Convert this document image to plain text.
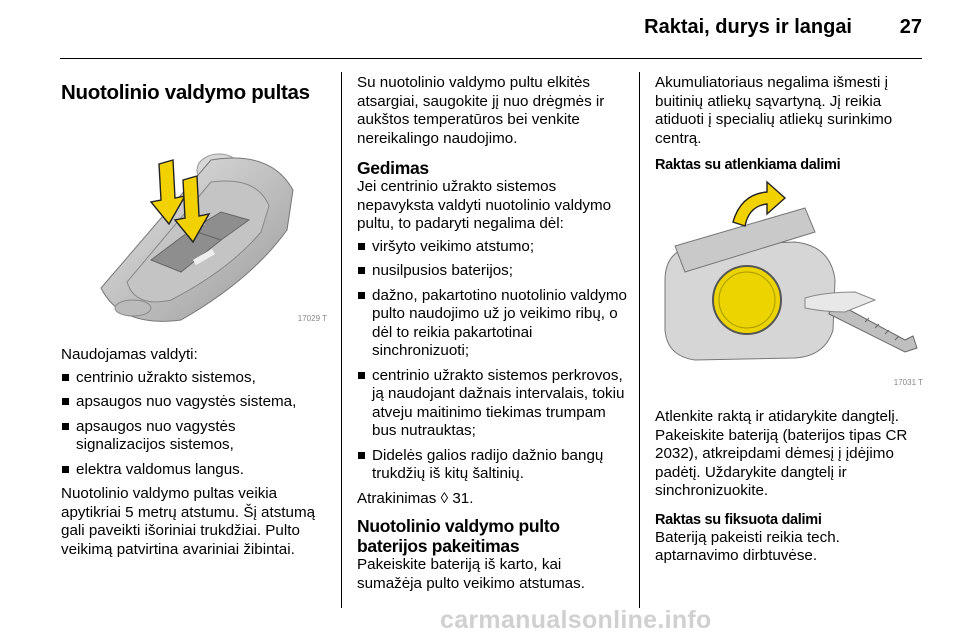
Raktai, durys ir langai 27
Nuotolinio valdymo pultas
17029 T

Naudojamas valdyti:

centrinio užrakto sistemos,
apsaugos nuo vagystės sistema,
apsaugos nuo vagystės signalizacijos sistemos,
elektra valdomus langus.

Nuotolinio valdymo pultas veikia apytikriai 5 metrų atstumu. Šį atstumą gali paveikti išoriniai trukdžiai. Pulto veikimą patvirtina avariniai žibintai.

Su nuotolinio valdymo pultu elkitės atsargiai, saugokite jį nuo drėgmės ir aukštos temperatūros bei venkite nereikalingo naudojimo.

Gedimas

Jei centrinio užrakto sistemos nepavyksta valdyti nuotolinio valdymo pultu, to padaryti negalima dėl:

viršyto veikimo atstumo;
nusilpusios baterijos;
dažno, pakartotino nuotolinio valdymo pulto naudojimo už jo veikimo ribų, o dėl to reikia pakartotinai sinchronizuoti;
centrinio užrakto sistemos perkrovos, ją naudojant dažnais intervalais, tokiu atveju maitinimo tiekimas trumpam bus nutrauktas;
Didelės galios radijo dažnio bangų trukdžių iš kitų šaltinių.

Atrakinimas ◊ 31.

Nuotolinio valdymo pulto baterijos pakeitimas

Pakeiskite bateriją iš karto, kai sumažėja pulto veikimo atstumas.

Akumuliatoriaus negalima išmesti į buitinių atliekų sąvartyną. Jį reikia atiduoti į specialių atliekų surinkimo centrą.

Raktas su atlenkiama dalimi
17031 T

Atlenkite raktą ir atidarykite dangtelį. Pakeiskite bateriją (baterijos tipas CR 2032), atkreipdami dėmesį į įdėjimo padėtį. Uždarykite dangtelį ir sinchronizuokite.

Raktas su fiksuota dalimi

Bateriją pakeisti reikia tech. aptarnavimo dirbtuvėse.

carmanualsonline.info
